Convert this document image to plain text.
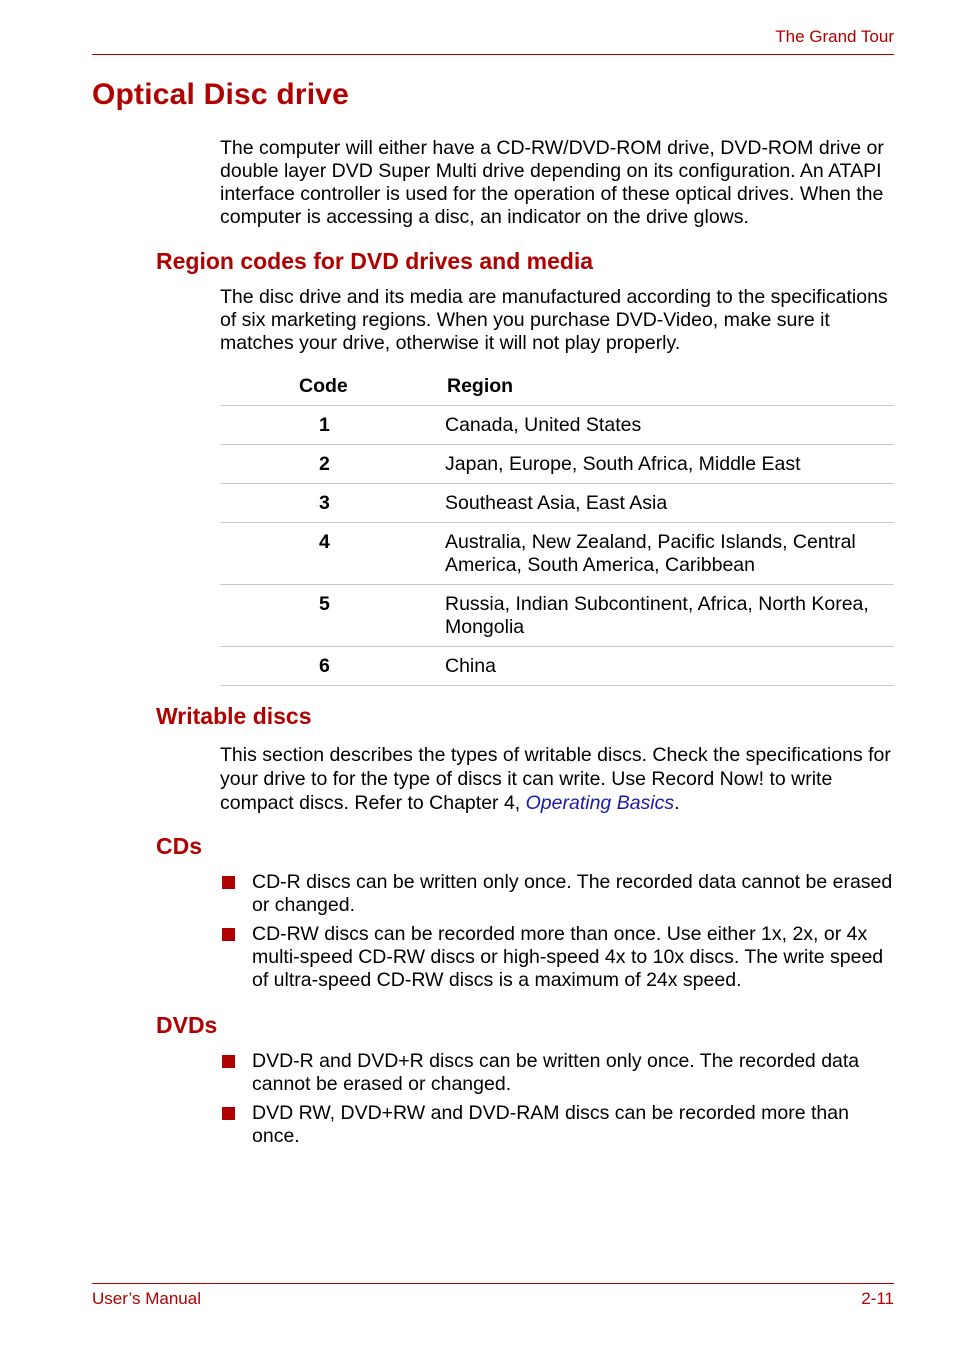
The Grand Tour
Optical Disc drive

The computer will either have a CD-RW/DVD-ROM drive, DVD-ROM drive or double layer DVD Super Multi drive depending on its configuration. An ATAPI interface controller is used for the operation of these optical drives. When the computer is accessing a disc, an indicator on the drive glows.

Region codes for DVD drives and media

The disc drive and its media are manufactured according to the specifications of six marketing regions. When you purchase DVD-Video, make sure it matches your drive, otherwise it will not play properly.

Code	Region
1	Canada, United States
2	Japan, Europe, South Africa, Middle East
3	Southeast Asia, East Asia
4	Australia, New Zealand, Pacific Islands, Central America, South America, Caribbean
5	Russia, Indian Subcontinent, Africa, North Korea, Mongolia
6	China
Writable discs

This section describes the types of writable discs. Check the specifications for your drive to for the type of discs it can write. Use Record Now! to write compact discs. Refer to Chapter 4, Operating Basics.

CDs
CD-R discs can be written only once. The recorded data cannot be erased or changed.
CD-RW discs can be recorded more than once. Use either 1x, 2x, or 4x multi-speed CD-RW discs or high-speed 4x to 10x discs. The write speed of ultra-speed CD-RW discs is a maximum of 24x speed.
DVDs
DVD-R and DVD+R discs can be written only once. The recorded data cannot be erased or changed.
DVD RW, DVD+RW and DVD-RAM discs can be recorded more than once.
User’s Manual	2-11
